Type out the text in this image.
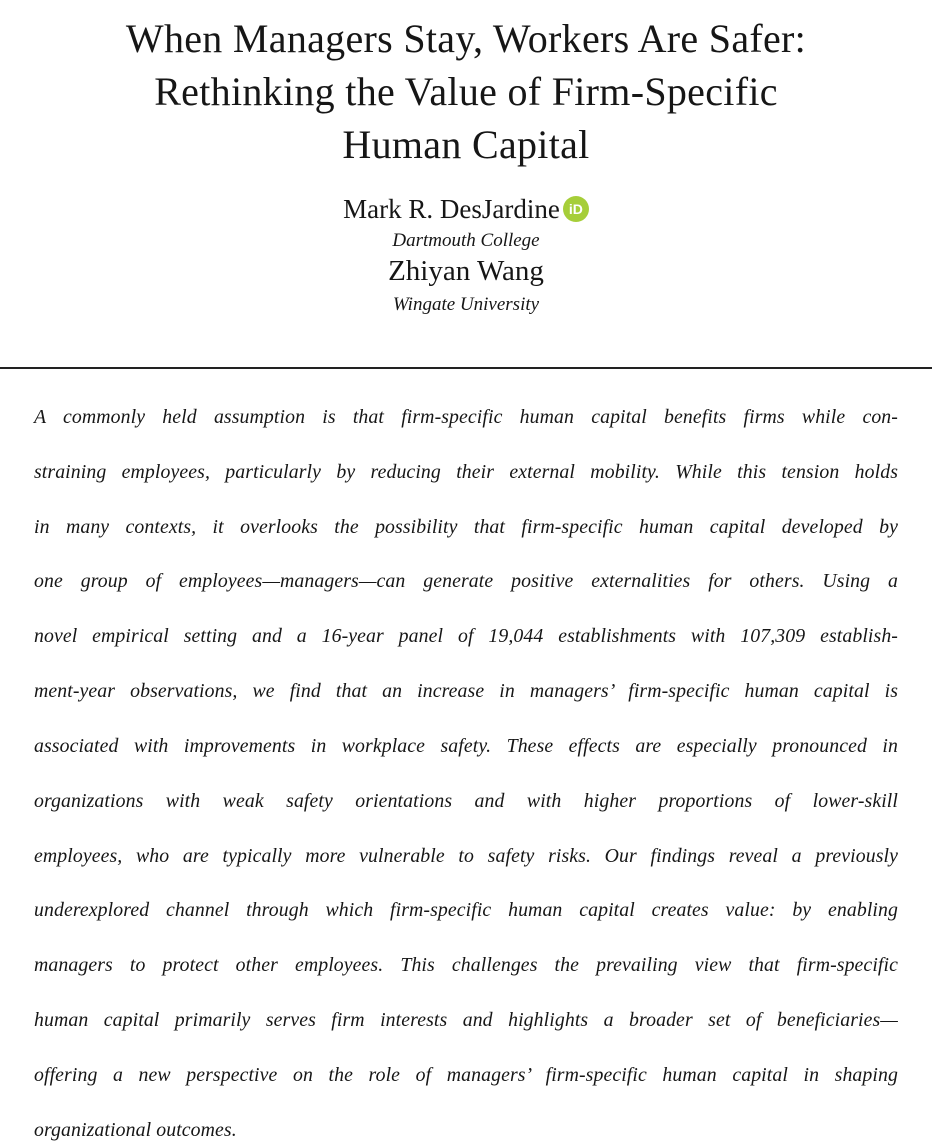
When Managers Stay, Workers Are Safer:
Rethinking the Value of Firm-Specific
Human Capital
Mark R. DesJardine iD
Dartmouth College
Zhiyan Wang
Wingate University
A commonly held assumption is that firm-specific human capital benefits firms while con-
straining employees, particularly by reducing their external mobility. While this tension holds
in many contexts, it overlooks the possibility that firm-specific human capital developed by
one group of employees—managers—can generate positive externalities for others. Using a
novel empirical setting and a 16-year panel of 19,044 establishments with 107,309 establish-
ment-year observations, we find that an increase in managers’ firm-specific human capital is
associated with improvements in workplace safety. These effects are especially pronounced in
organizations with weak safety orientations and with higher proportions of lower-skill
employees, who are typically more vulnerable to safety risks. Our findings reveal a previously
underexplored channel through which firm-specific human capital creates value: by enabling
managers to protect other employees. This challenges the prevailing view that firm-specific
human capital primarily serves firm interests and highlights a broader set of beneficiaries—
offering a new perspective on the role of managers’ firm-specific human capital in shaping
organizational outcomes.
